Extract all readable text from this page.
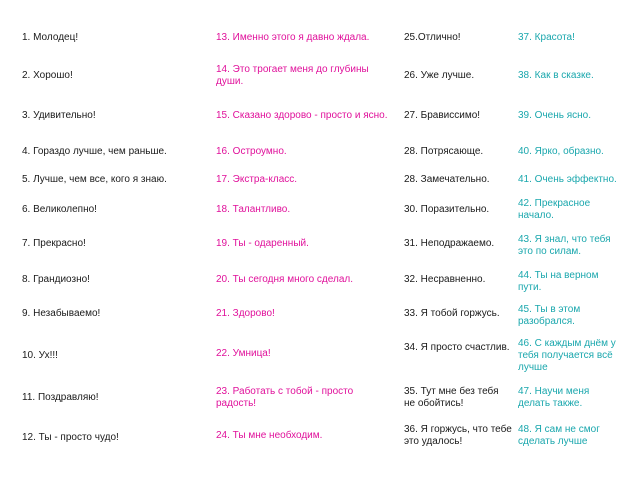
1. Молодец!
2. Хорошо!
3. Удивительно!
4. Гораздо лучше, чем раньше.
5. Лучше, чем все, кого я знаю.
6. Великолепно!
7. Прекрасно!
8. Грандиозно!
9. Незабываемо!
10. Ух!!!
11. Поздравляю!
12. Ты - просто чудо!
13. Именно этого я давно ждала.
14. Это трогает меня до глубины души.
15. Сказано здорово - просто и ясно.
16. Остроумно.
17. Экстра-класс.
18. Талантливо.
19. Ты - одаренный.
20. Ты сегодня много сделал.
21. Здорово!
22. Умница!
23. Работать с тобой - просто радость!
24. Ты мне необходим.
25.Отлично!
26. Уже лучше.
27. Брависсимо!
28. Потрясающе.
28. Замечательно.
30. Поразительно.
31. Неподражаемо.
32. Несравненно.
33. Я тобой горжусь.
34. Я просто счастлив.
35. Тут мне без тебя не обойтись!
36. Я горжусь, что тебе это удалось!
37. Красота!
38. Как в сказке.
39. Очень ясно.
40. Ярко, образно.
41. Очень эффектно.
42. Прекрасное начало.
43. Я знал, что тебя это по силам.
44. Ты на верном пути.
45. Ты в этом разобрался.
46. С каждым днём у тебя получается всё лучше
47. Научи меня делать также.
48. Я сам не смог сделать лучше
